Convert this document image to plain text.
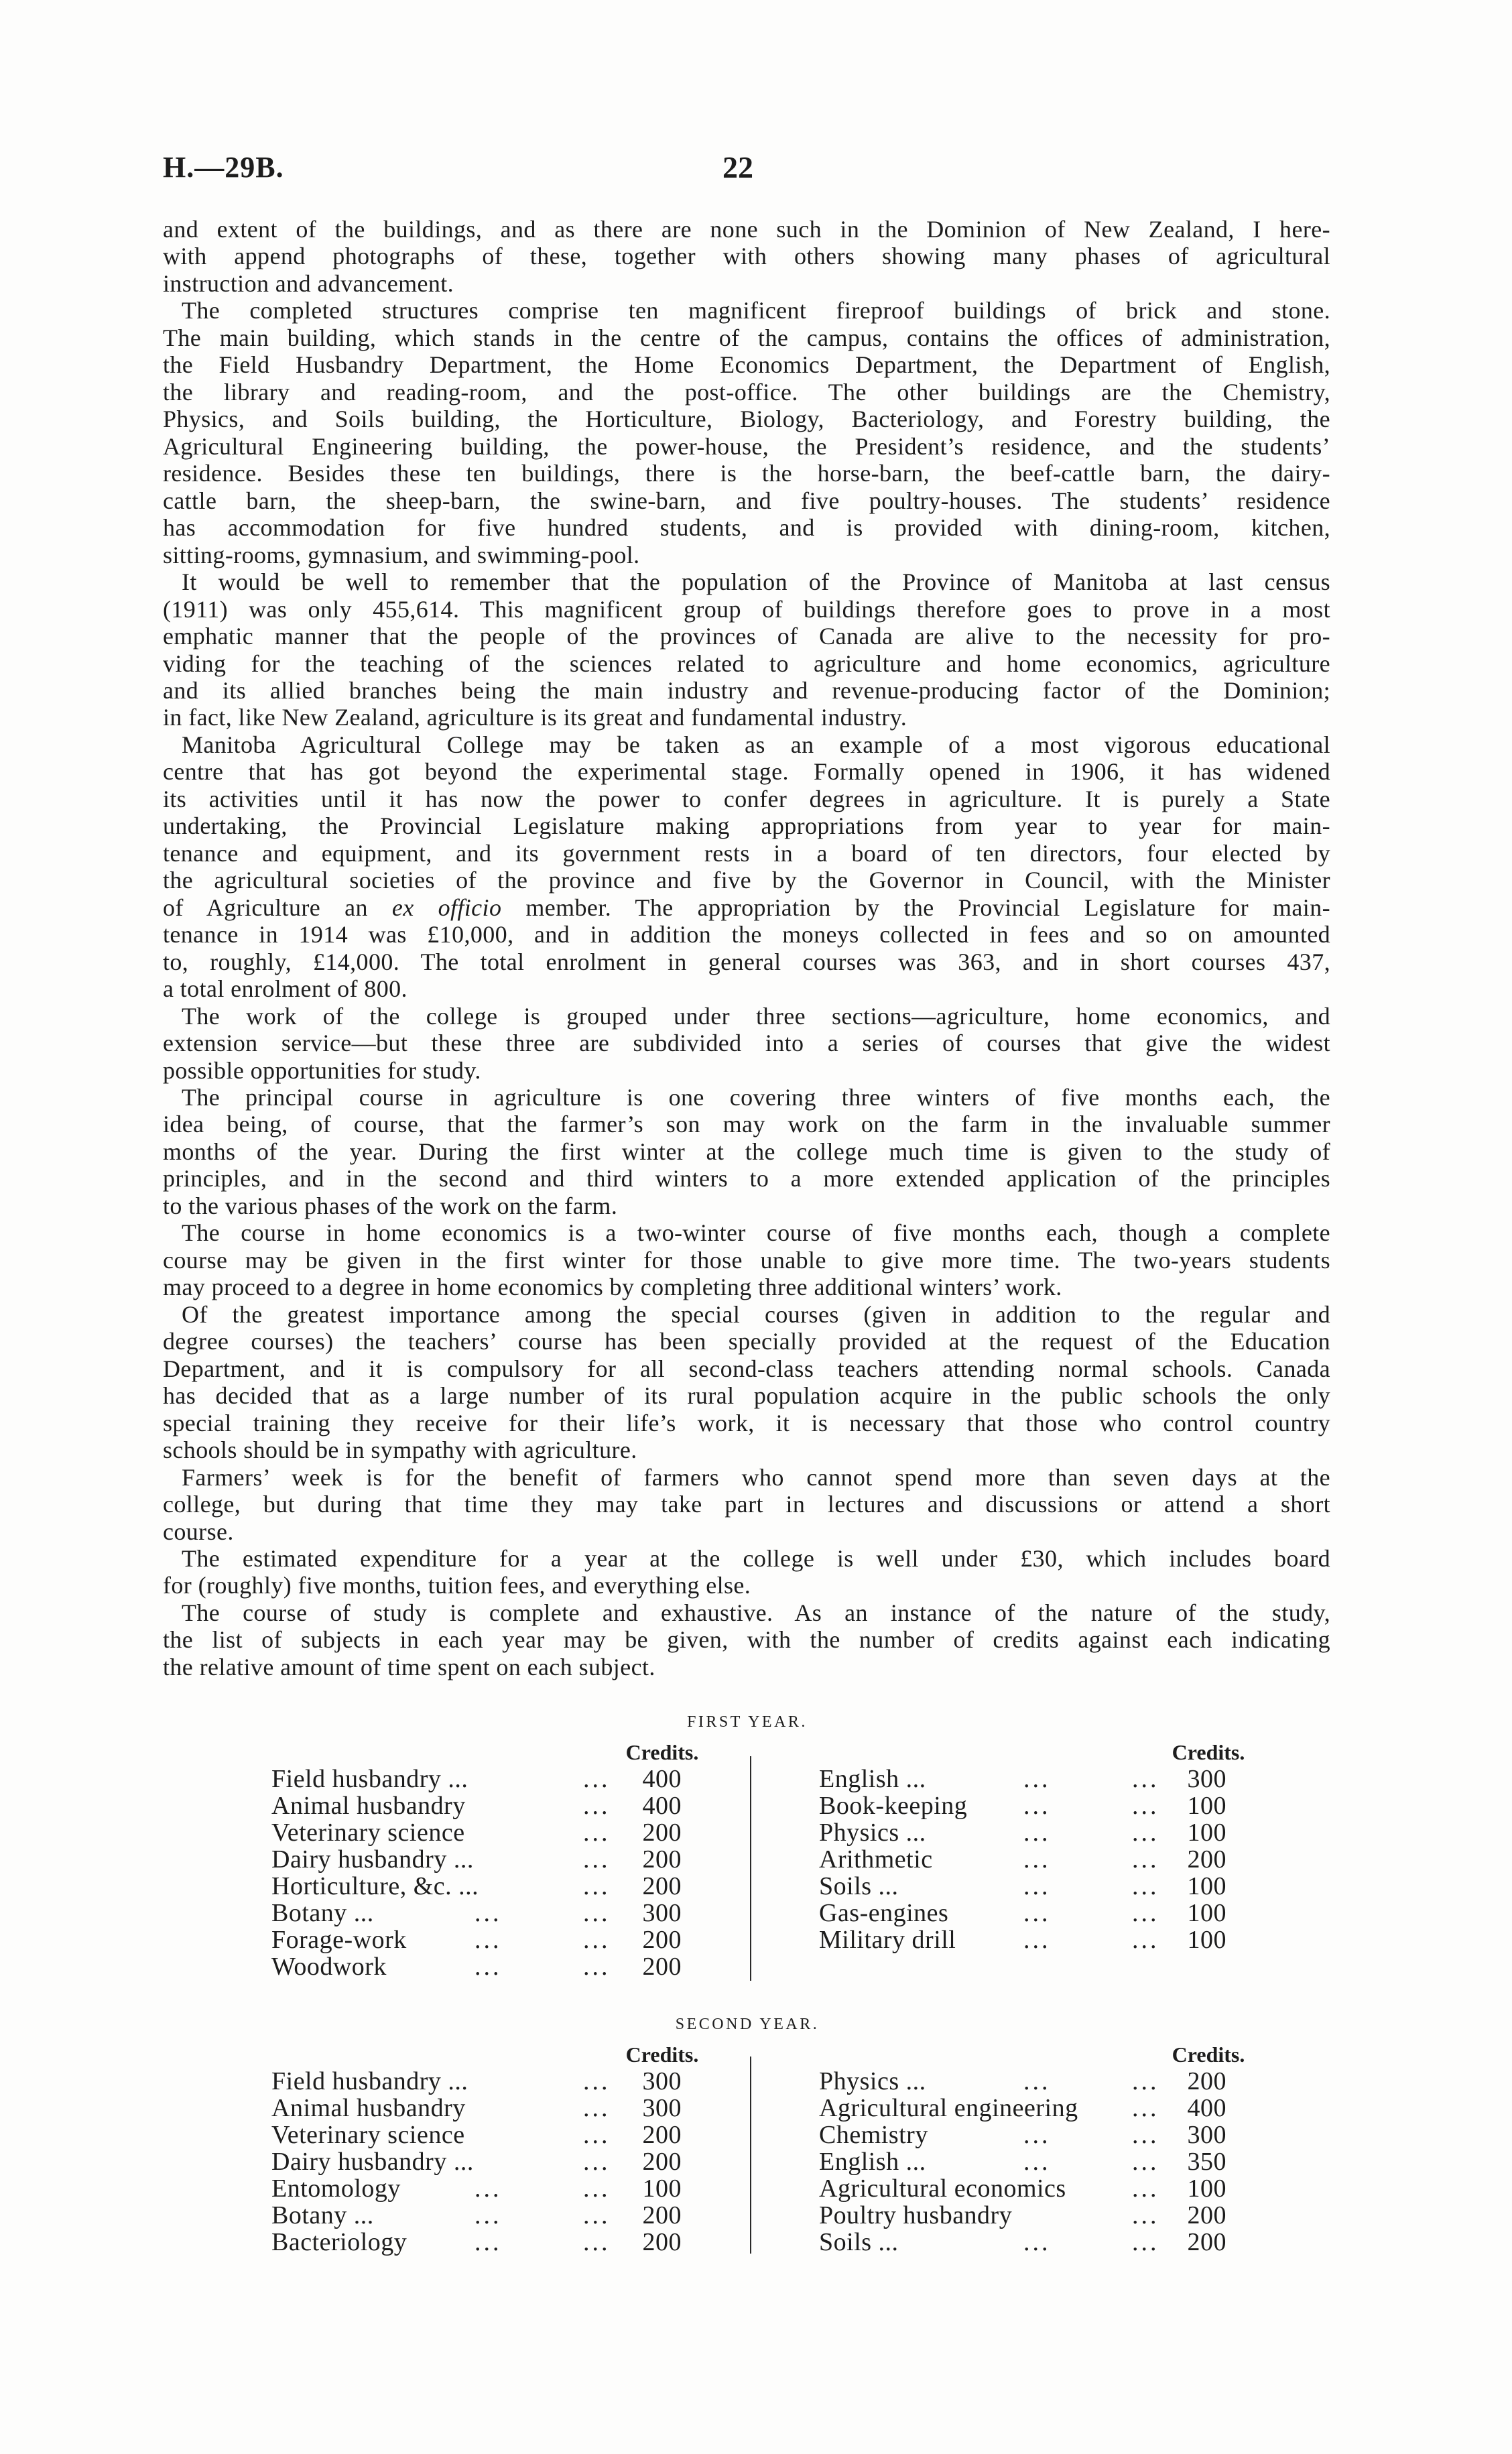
H.—29B.	22
and extent of the buildings, and as there are none such in the Dominion of New Zealand, I here-
with append photographs of these, together with others showing many phases of agricultural
instruction and advancement.
The completed structures comprise ten magnificent fireproof buildings of brick and stone.
The main building, which stands in the centre of the campus, contains the offices of administration,
the Field Husbandry Department, the Home Economics Department, the Department of English,
the library and reading-room, and the post-office. The other buildings are the Chemistry,
Physics, and Soils building, the Horticulture, Biology, Bacteriology, and Forestry building, the
Agricultural Engineering building, the power-house, the President’s residence, and the students’
residence. Besides these ten buildings, there is the horse-barn, the beef-cattle barn, the dairy-
cattle barn, the sheep-barn, the swine-barn, and five poultry-houses. The students’ residence
has accommodation for five hundred students, and is provided with dining-room, kitchen,
sitting-rooms, gymnasium, and swimming-pool.
It would be well to remember that the population of the Province of Manitoba at last census
(1911) was only 455,614. This magnificent group of buildings therefore goes to prove in a most
emphatic manner that the people of the provinces of Canada are alive to the necessity for pro-
viding for the teaching of the sciences related to agriculture and home economics, agriculture
and its allied branches being the main industry and revenue-producing factor of the Dominion;
in fact, like New Zealand, agriculture is its great and fundamental industry.
Manitoba Agricultural College may be taken as an example of a most vigorous educational
centre that has got beyond the experimental stage. Formally opened in 1906, it has widened
its activities until it has now the power to confer degrees in agriculture. It is purely a State
undertaking, the Provincial Legislature making appropriations from year to year for main-
tenance and equipment, and its government rests in a board of ten directors, four elected by
the agricultural societies of the province and five by the Governor in Council, with the Minister
of Agriculture an ex officio member. The appropriation by the Provincial Legislature for main-
tenance in 1914 was £10,000, and in addition the moneys collected in fees and so on amounted
to, roughly, £14,000. The total enrolment in general courses was 363, and in short courses 437,
a total enrolment of 800.
The work of the college is grouped under three sections—agriculture, home economics, and
extension service—but these three are subdivided into a series of courses that give the widest
possible opportunities for study.
The principal course in agriculture is one covering three winters of five months each, the
idea being, of course, that the farmer’s son may work on the farm in the invaluable summer
months of the year. During the first winter at the college much time is given to the study of
principles, and in the second and third winters to a more extended application of the principles
to the various phases of the work on the farm.
The course in home economics is a two-winter course of five months each, though a complete
course may be given in the first winter for those unable to give more time. The two-years students
may proceed to a degree in home economics by completing three additional winters’ work.
Of the greatest importance among the special courses (given in addition to the regular and
degree courses) the teachers’ course has been specially provided at the request of the Education
Department, and it is compulsory for all second-class teachers attending normal schools. Canada
has decided that as a large number of its rural population acquire in the public schools the only
special training they receive for their life’s work, it is necessary that those who control country
schools should be in sympathy with agriculture.
Farmers’ week is for the benefit of farmers who cannot spend more than seven days at the
college, but during that time they may take part in lectures and discussions or attend a short
course.
The estimated expenditure for a year at the college is well under £30, which includes board
for (roughly) five months, tuition fees, and everything else.
The course of study is complete and exhaustive. As an instance of the nature of the study,
the list of subjects in each year may be given, with the number of credits against each indicating
the relative amount of time spent on each subject.
FIRST YEAR.
Credits.	Credits.
Field husbandry ...	... 400
Animal husbandry	... 400
Veterinary science	... 200
Dairy husbandry ...	... 200
Horticulture, &c. ...	... 200
Botany ...	...	... 300
Forage-work	...	... 200
Woodwork	...	... 200
English ...	...	... 300
Book-keeping ...	... 100
Physics ...	...	... 100
Arithmetic	...	... 200
Soils ...	...	... 100
Gas-engines	...	... 100
Military drill	...	... 100
SECOND YEAR.
Credits.	Credits.
Field husbandry ...	... 300
Animal husbandry	... 300
Veterinary science	... 200
Dairy husbandry ...	... 200
Entomology	...	... 100
Botany ...	...	... 200
Bacteriology	...	... 200
Physics ...	...	... 200
Agricultural engineering ... 400
Chemistry	...	... 300
English ...	...	... 350
Agricultural economics	... 100
Poultry husbandry	... 200
Soils ...	...	... 200
